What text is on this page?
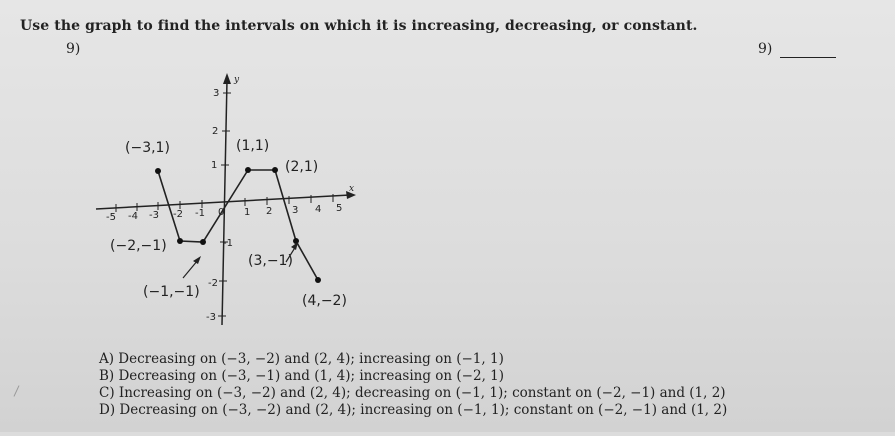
Use the graph to find the intervals on which it is increasing, decreasing, or constant.
9)	9)
-5 -4 -3 -2 -1 0 1 2 3 4 5
3
2
1
-1
-2
-3
y
x
(−3,1)
(−2,−1)
(−1,−1)
(1,1)
(2,1)
(3,−1)
(4,−2)
A) Decreasing on (−3, −2) and (2, 4); increasing on (−1, 1)
B) Decreasing on (−3, −1) and (1, 4); increasing on (−2, 1)
C) Increasing on (−3, −2) and (2, 4); decreasing on (−1, 1); constant on (−2, −1) and (1, 2)
D) Decreasing on (−3, −2) and (2, 4); increasing on (−1, 1); constant on (−2, −1) and (1, 2)
